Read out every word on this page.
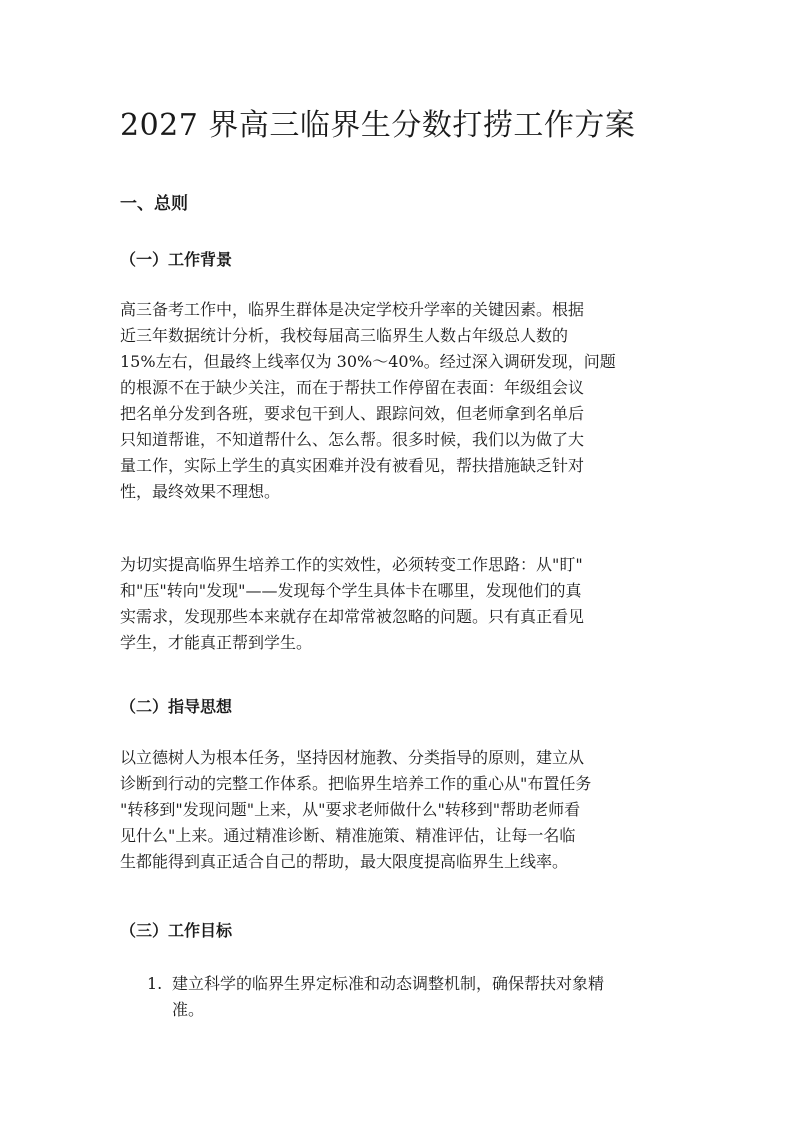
2027 界高三临界生分数打捞工作方案
一、总则
（一）工作背景
高三备考工作中，临界生群体是决定学校升学率的关键因素。根据
近三年数据统计分析，我校每届高三临界生人数占年级总人数的
15%左右，但最终上线率仅为 30%～40%。经过深入调研发现，问题
的根源不在于缺少关注，而在于帮扶工作停留在表面：年级组会议
把名单分发到各班，要求包干到人、跟踪问效，但老师拿到名单后
只知道帮谁，不知道帮什么、怎么帮。很多时候，我们以为做了大
量工作，实际上学生的真实困难并没有被看见，帮扶措施缺乏针对
性，最终效果不理想。
为切实提高临界生培养工作的实效性，必须转变工作思路：从"盯"
和"压"转向"发现"——发现每个学生具体卡在哪里，发现他们的真
实需求，发现那些本来就存在却常常被忽略的问题。只有真正看见
学生，才能真正帮到学生。
（二）指导思想
以立德树人为根本任务，坚持因材施教、分类指导的原则，建立从
诊断到行动的完整工作体系。把临界生培养工作的重心从"布置任务
"转移到"发现问题"上来，从"要求老师做什么"转移到"帮助老师看
见什么"上来。通过精准诊断、精准施策、精准评估，让每一名临
生都能得到真正适合自己的帮助，最大限度提高临界生上线率。
（三）工作目标
1. 建立科学的临界生界定标准和动态调整机制，确保帮扶对象精
准。
